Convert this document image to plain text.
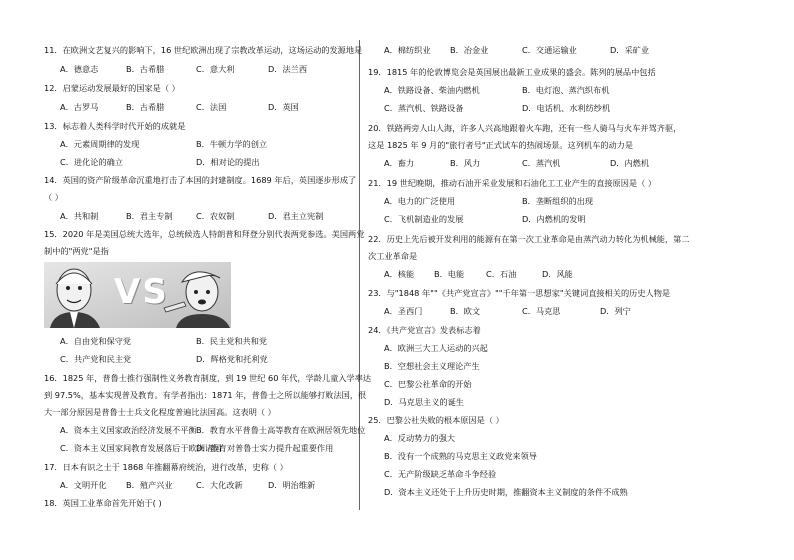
11．在欧洲文艺复兴的影响下，16 世纪欧洲出现了宗教改革运动，这场运动的发源地是
A．德意志	B．古希腊	C．意大利	D．法兰西
12．启蒙运动发展最好的国家是（ ）
A．古罗马	B．古希腊	C．法国	D．英国
13．标志着人类科学时代开始的成就是
A．元素周期律的发现	B．牛顿力学的创立
C．进化论的确立	D．相对论的提出
14．英国的资产阶级革命沉重地打击了本国的封建制度。1689 年后，英国逐步形成了
（ ）
A．共和制	B．君主专制	C．农奴制	D．君主立宪制
15．2020 年是美国总统大选年，总统候选人特朗普和拜登分别代表两党参选。美国两党
制中的"两党"是指
VS
A．自由党和保守党	B．民主党和共和党
C．共产党和民主党	D．辉格党和托利党
16．1825 年，普鲁士推行强制性义务教育制度，到 19 世纪 60 年代，学龄儿童入学率达
到 97.5%，基本实现普及教育。有学者指出：1871 年，普鲁士之所以能够打败法国，很
大一部分原因是普鲁士士兵文化程度普遍比法国高。这表明（ ）
A．资本主义国家政治经济发展不平衡 B．教育水平普鲁士高等教育在欧洲居领先地位
C．资本主义国家间教育发展落后于欧洲诸国
D．教育对普鲁士实力提升起重要作用
17．日本有识之士于 1868 年推翻幕府统治，进行改革，史称（ ）
A．文明开化 B．殖产兴业	C．大化改新	D．明治维新
18．英国工业革命首先开始于( )
A．棉纺织业 B．冶金业	C．交通运输业	D．采矿业
19．1815 年的伦敦博览会是英国展出最新工业成果的盛会。陈列的展品中包括
A．铁路设备、柴油内燃机	B．电灯泡、蒸汽织布机
C．蒸汽机、铁路设备	D．电话机、水利纺纱机
20．铁路两旁人山人海，许多人兴高地跟着火车跑，还有一些人骑马与火车并驾齐驱，
这是 1825 年 9 月的"旅行者号"正式试车的热闹场景。这列机车的动力是
A．畜力	B．风力	C．蒸汽机	D．内燃机
21．19 世纪晚期，推动石油开采业发展和石油化工工业产生的直接原因是（ ）
A．电力的广泛使用	B．垄断组织的出现
C．飞机制造业的发展	D．内燃机的发明
22．历史上先后被开发利用的能源有在第一次工业革命是由蒸汽动力转化为机械能，第二
次工业革命是
A．核能 B．电能	C．石油	D．风能
23．与"1848 年""《共产党宣言》""千年第一思想家"关键词直接相关的历史人物是
A．圣西门	B．欧文	C．马克思	D．列宁
24．《共产党宣言》发表标志着
A．欧洲三大工人运动的兴起
B．空想社会主义理论产生
C．巴黎公社革命的开始
D．马克思主义的诞生
25．巴黎公社失败的根本原因是（ ）
A．反动势力的强大
B．没有一个成熟的马克思主义政党来领导
C．无产阶级缺乏革命斗争经验
D．资本主义还处于上升历史时期，推翻资本主义制度的条件不成熟
